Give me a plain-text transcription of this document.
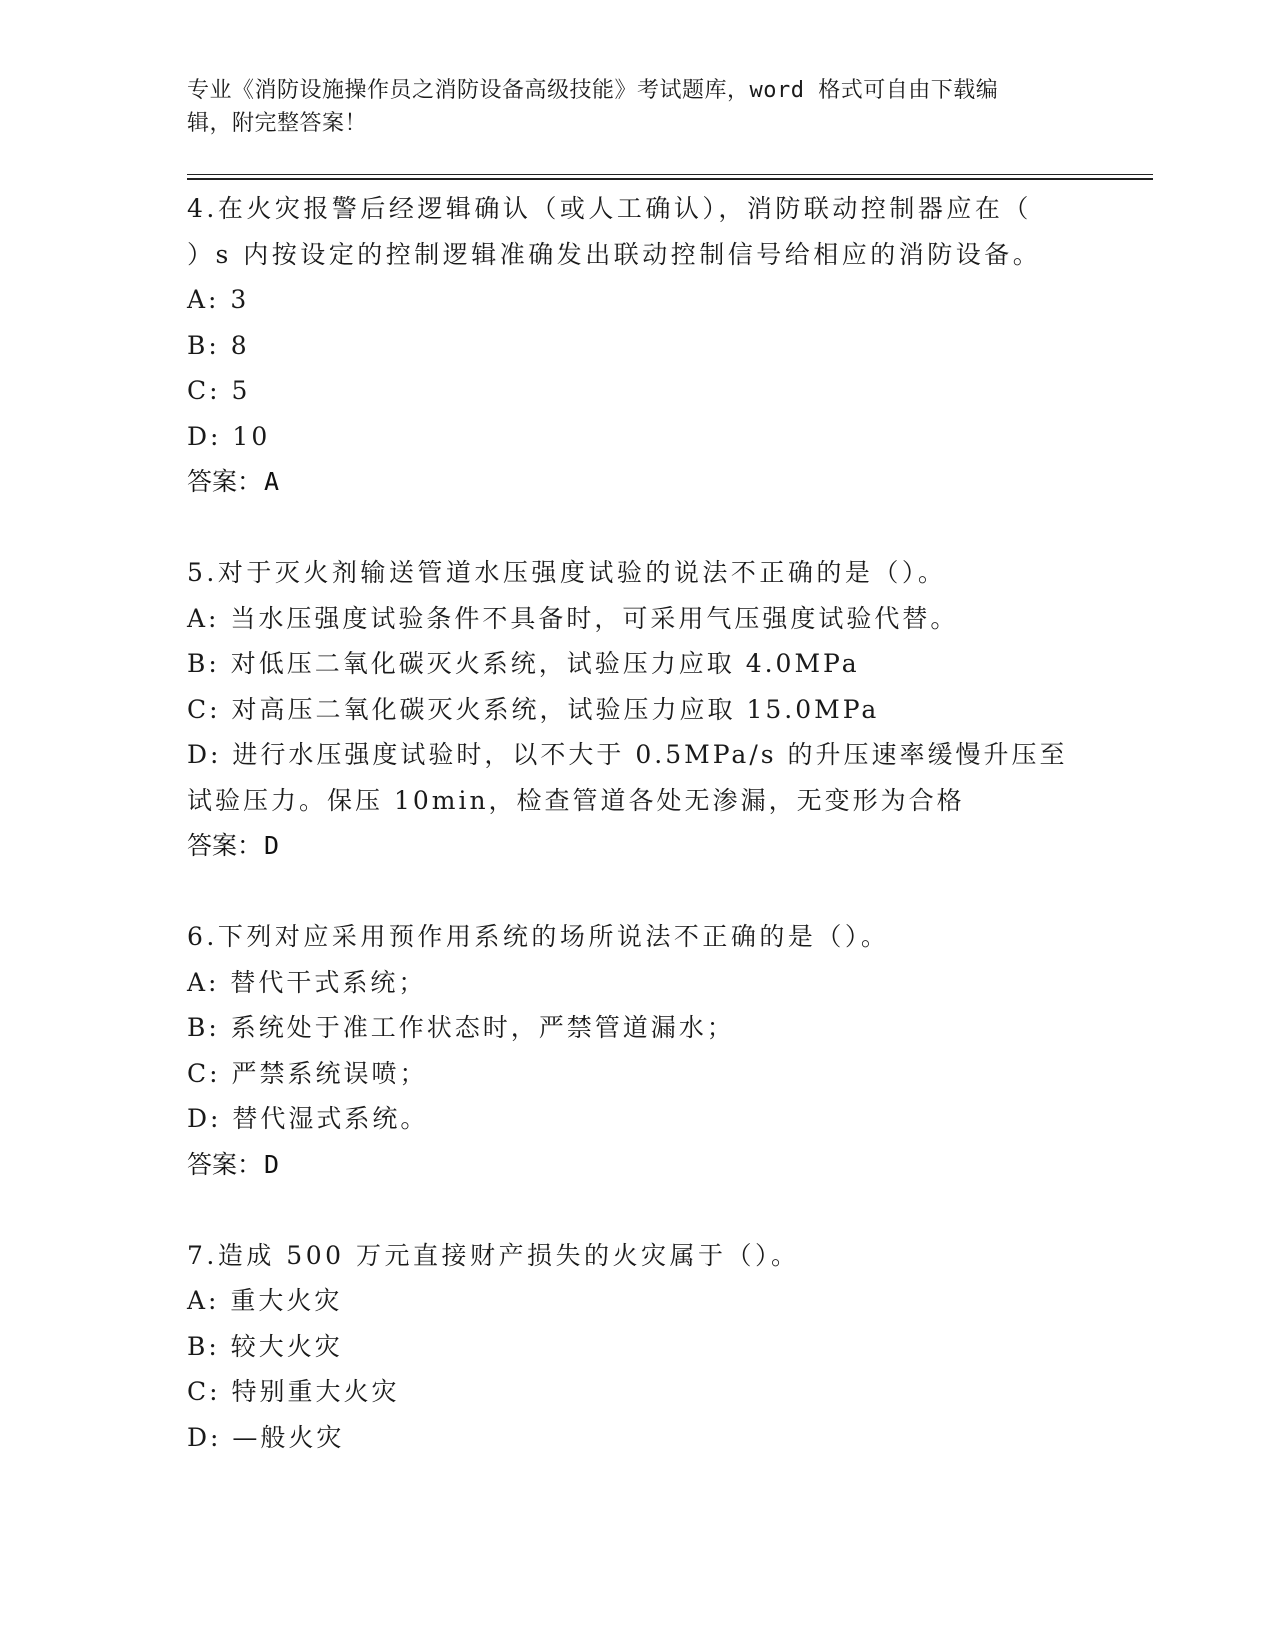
专业《消防设施操作员之消防设备高级技能》考试题库，word 格式可自由下载编
辑，附完整答案！
4.在火灾报警后经逻辑确认（或人工确认），消防联动控制器应在（
）s 内按设定的控制逻辑准确发出联动控制信号给相应的消防设备。
A: 3
B: 8
C: 5
D: 10
答案：A
5.对于灭火剂输送管道水压强度试验的说法不正确的是（）。
A: 当水压强度试验条件不具备时，可采用气压强度试验代替。
B: 对低压二氧化碳灭火系统，试验压力应取 4.0MPa
C: 对高压二氧化碳灭火系统，试验压力应取 15.0MPa
D: 进行水压强度试验时，以不大于 0.5MPa/s 的升压速率缓慢升压至
试验压力。保压 10min，检查管道各处无渗漏，无变形为合格
答案：D
6.下列对应采用预作用系统的场所说法不正确的是（）。
A: 替代干式系统；
B: 系统处于准工作状态时，严禁管道漏水；
C: 严禁系统误喷；
D: 替代湿式系统。
答案：D
7.造成 500 万元直接财产损失的火灾属于（）。
A: 重大火灾
B: 较大火灾
C: 特别重大火灾
D: —般火灾
